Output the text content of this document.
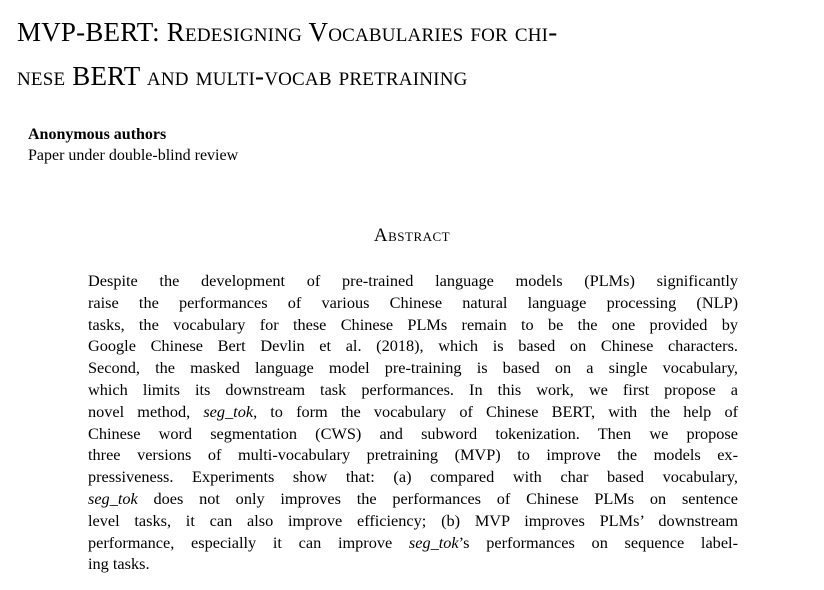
MVP-BERT: Redesigning Vocabularies for chi-
nese BERT and multi-vocab pretraining
Anonymous authors
Paper under double-blind review
Abstract
Despite the development of pre-trained language models (PLMs) significantly
raise the performances of various Chinese natural language processing (NLP)
tasks, the vocabulary for these Chinese PLMs remain to be the one provided by
Google Chinese Bert Devlin et al. (2018), which is based on Chinese characters.
Second, the masked language model pre-training is based on a single vocabulary,
which limits its downstream task performances. In this work, we first propose a
novel method, seg_tok, to form the vocabulary of Chinese BERT, with the help of
Chinese word segmentation (CWS) and subword tokenization. Then we propose
three versions of multi-vocabulary pretraining (MVP) to improve the models ex-
pressiveness. Experiments show that: (a) compared with char based vocabulary,
seg_tok does not only improves the performances of Chinese PLMs on sentence
level tasks, it can also improve efficiency; (b) MVP improves PLMs’ downstream
performance, especially it can improve seg_tok’s performances on sequence label-
ing tasks.
